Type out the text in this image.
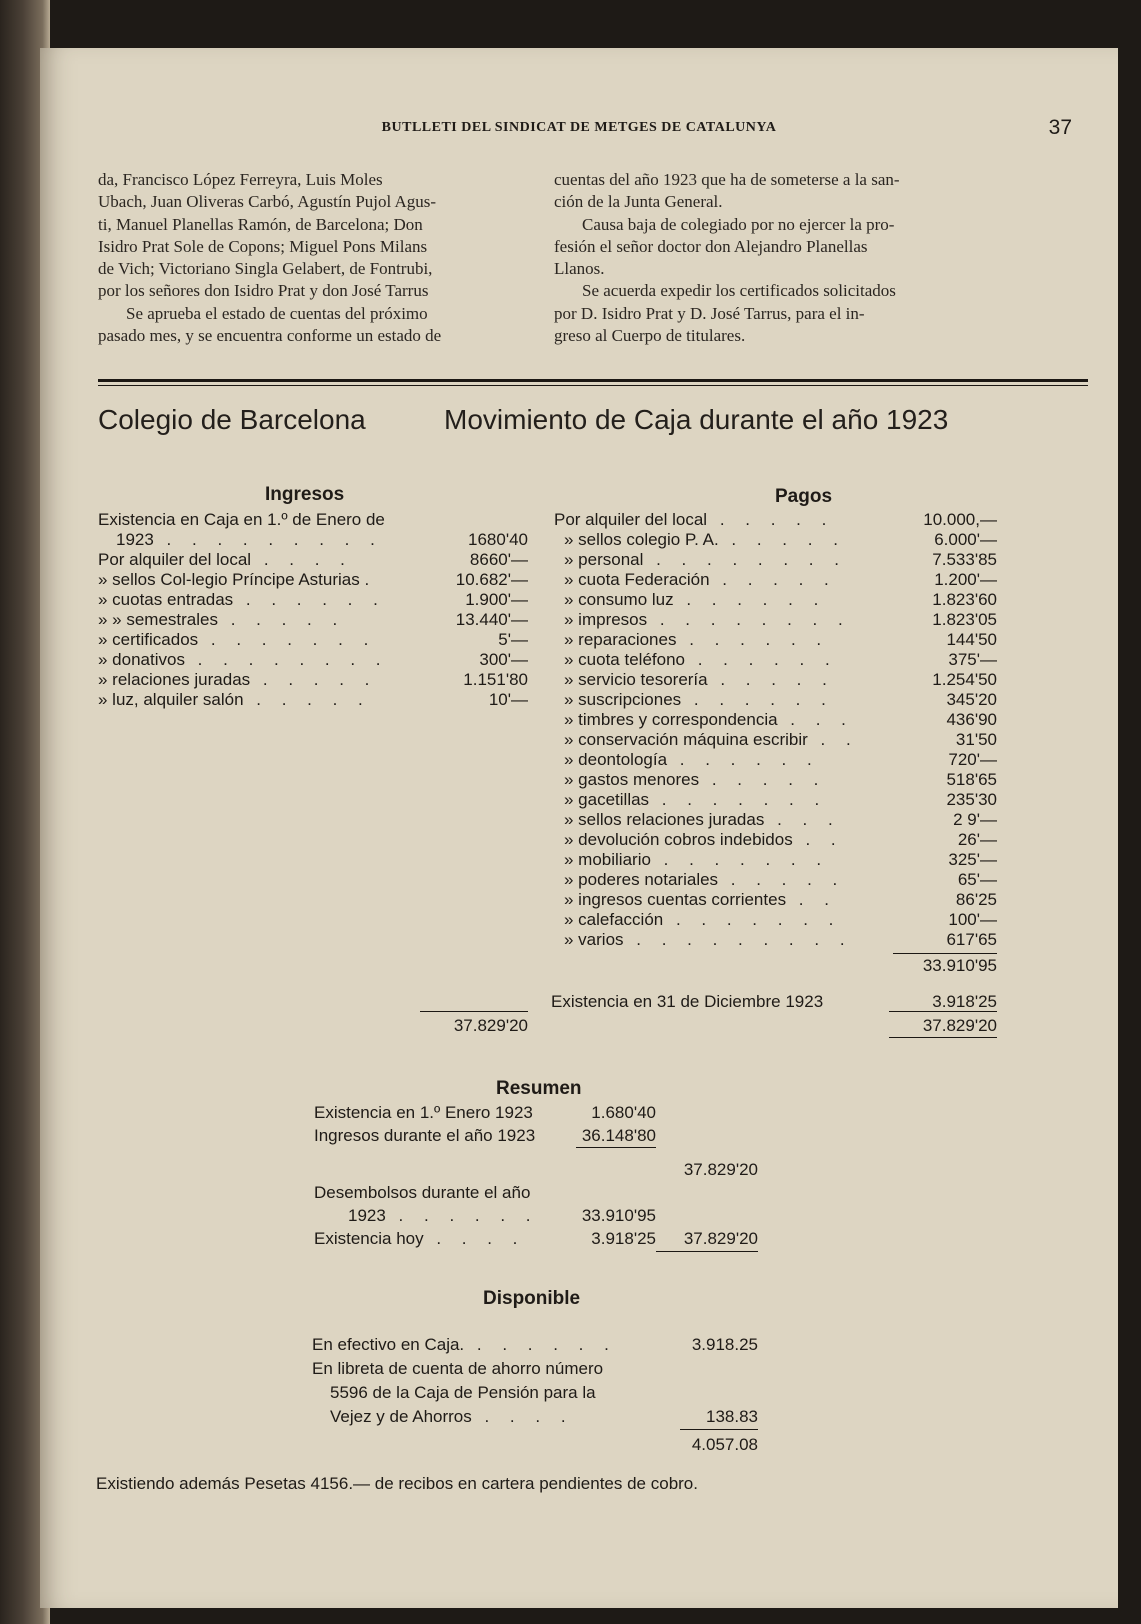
BUTLLETI DEL SINDICAT DE METGES DE CATALUNYA	37

da, Francisco López Ferreyra, Luis Moles

Ubach, Juan Oliveras Carbó, Agustín Pujol Agus-

ti, Manuel Planellas Ramón, de Barcelona; Don

Isidro Prat Sole de Copons; Miguel Pons Milans

de Vich; Victoriano Singla Gelabert, de Fontrubi,

por los señores don Isidro Prat y don José Tarrus

Se aprueba el estado de cuentas del próximo

pasado mes, y se encuentra conforme un estado de

cuentas del año 1923 que ha de someterse a la san-

ción de la Junta General.

Causa baja de colegiado por no ejercer la pro-

fesión el señor doctor don Alejandro Planellas

Llanos.

Se acuerda expedir los certificados solicitados

por D. Isidro Prat y D. José Tarrus, para el in-

greso al Cuerpo de titulares.

Colegio de Barcelona	Movimiento de Caja durante el año 1923
Ingresos
Existencia en Caja en 1.º de Enero de
1923 . . . . . . . . .	1680'40
Por alquiler del local . . . .	8660'—
» sellos Col-legio Príncipe Asturias .	10.682'—
» cuotas entradas . . . . . .	1.900'—
» » semestrales . . . . .	13.440'—
» certificados . . . . . . .	5'—
» donativos . . . . . . . .	300'—
» relaciones juradas . . . . .	1.151'80
» luz, alquiler salón . . . . .	10'—
37.829'20
Pagos
Por alquiler del local . . . . .	10.000,—
» sellos colegio P. A. . . . . .	6.000'—
» personal . . . . . . . .	7.533'85
» cuota Federación . . . . .	1.200'—
» consumo luz . . . . . .	1.823'60
» impresos . . . . . . . .	1.823'05
» reparaciones . . . . . .	144'50
» cuota teléfono . . . . . .	375'—
» servicio tesorería . . . . .	1.254'50
» suscripciones . . . . . .	345'20
» timbres y correspondencia . . .	436'90
» conservación máquina escribir . .	31'50
» deontología . . . . . .	720'—
» gastos menores . . . . .	518'65
» gacetillas . . . . . . .	235'30
» sellos relaciones juradas . . .	2 9'—
» devolución cobros indebidos . .	26'—
» mobiliario . . . . . . .	325'—
» poderes notariales . . . . .	65'—
» ingresos cuentas corrientes . .	86'25
» calefacción . . . . . . .	100'—
» varios . . . . . . . . .	617'65
33.910'95
Existencia en 31 de Diciembre 1923	3.918'25
37.829'20
Resumen
Existencia en 1.º Enero 1923	1.680'40
Ingresos durante el año 1923	36.148'80
37.829'20
Desembolsos durante el año
1923 . . . . . .	33.910'95
Existencia hoy . . . .	3.918'25	37.829'20
Disponible
En efectivo en Caja. . . . . . .	3.918.25
En libreta de cuenta de ahorro número
5596 de la Caja de Pensión para la
Vejez y de Ahorros . . . .	138.83
4.057.08
Existiendo además Pesetas 4156.— de recibos en cartera pendientes de cobro.
